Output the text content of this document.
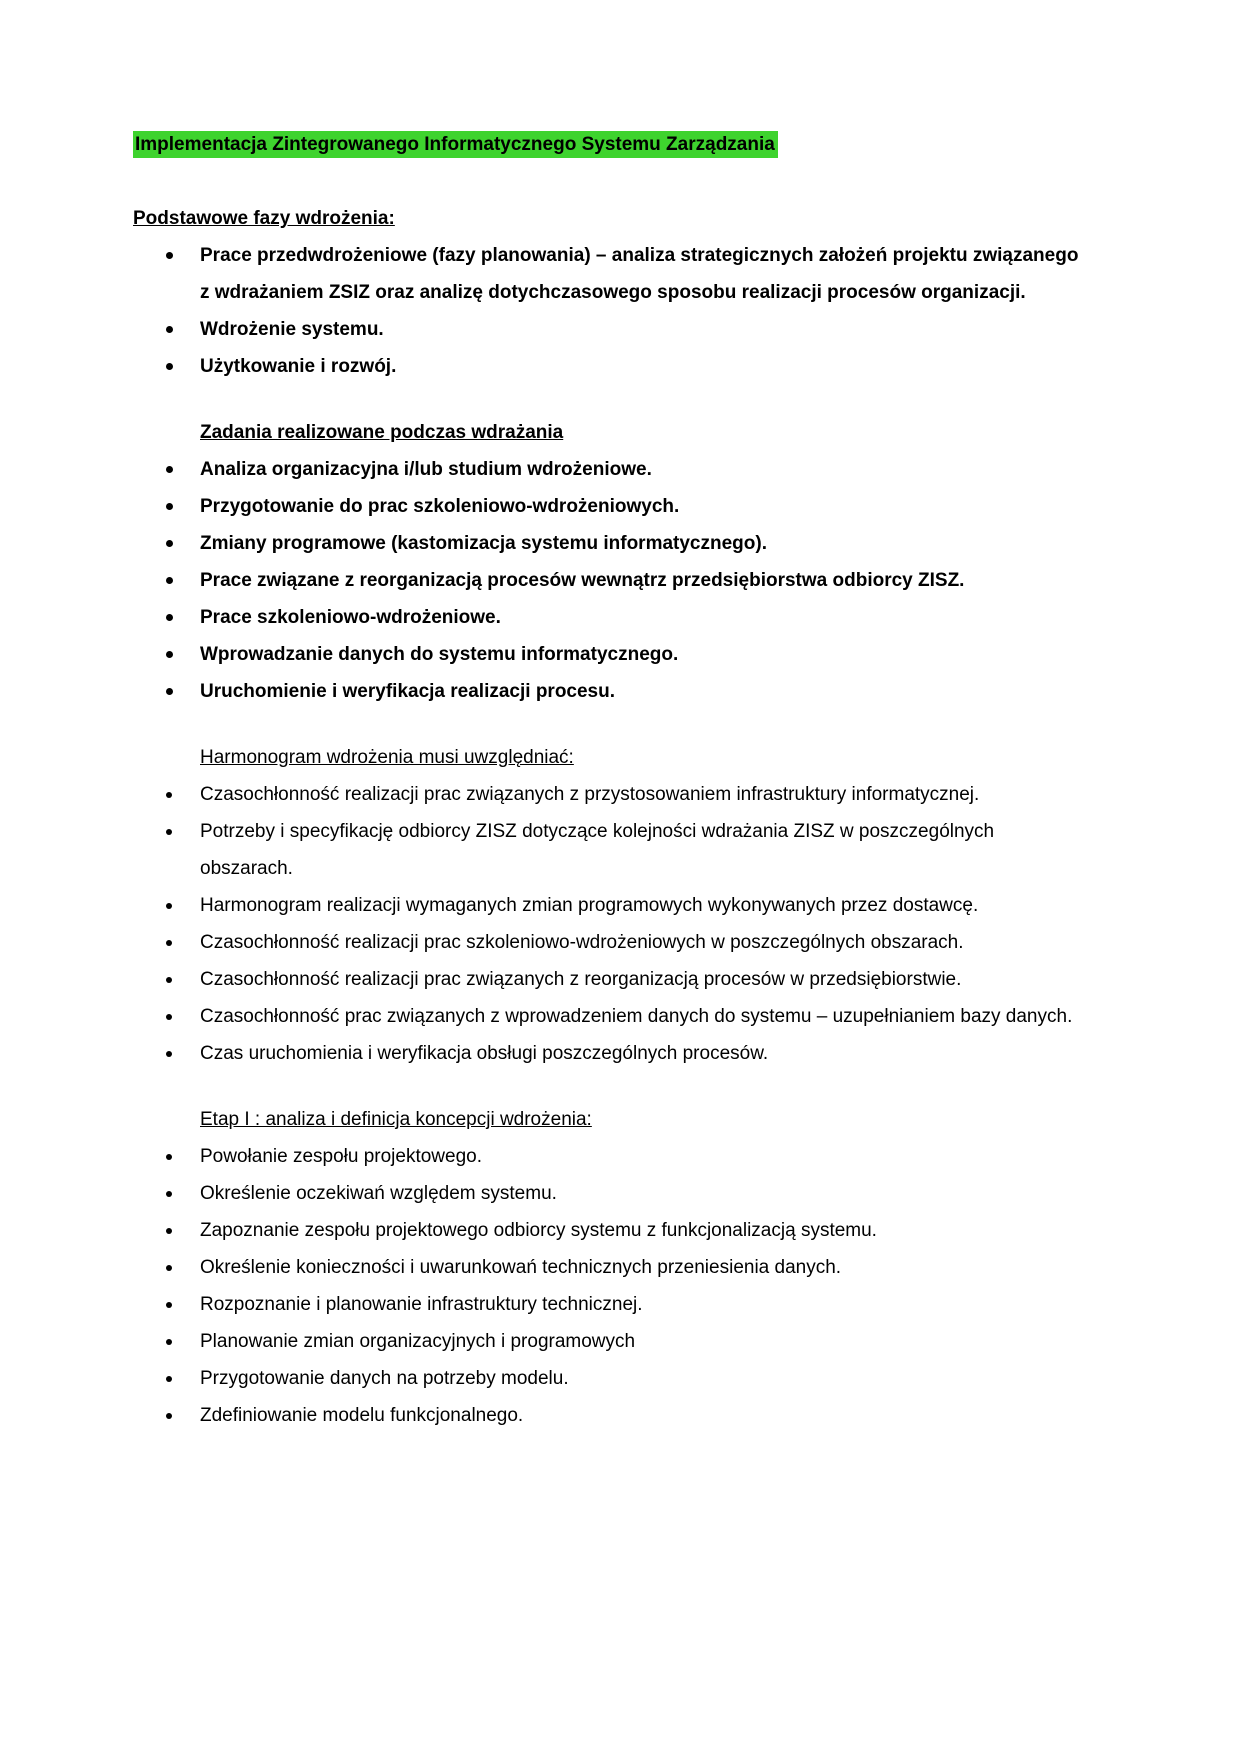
Implementacja Zintegrowanego Informatycznego Systemu Zarządzania
Podstawowe fazy wdrożenia:
Prace przedwdrożeniowe (fazy planowania) – analiza strategicznych założeń projektu związanego z wdrażaniem ZSIZ oraz analizę dotychczasowego sposobu realizacji procesów organizacji.
Wdrożenie systemu.
Użytkowanie i rozwój.
Zadania realizowane podczas wdrażania
Analiza organizacyjna i/lub studium wdrożeniowe.
Przygotowanie do prac szkoleniowo-wdrożeniowych.
Zmiany programowe (kastomizacja systemu informatycznego).
Prace związane z reorganizacją procesów wewnątrz przedsiębiorstwa odbiorcy ZISZ.
Prace szkoleniowo-wdrożeniowe.
Wprowadzanie danych do systemu informatycznego.
Uruchomienie i weryfikacja realizacji procesu.
Harmonogram wdrożenia musi uwzględniać:
Czasochłonność realizacji prac związanych z przystosowaniem infrastruktury informatycznej.
Potrzeby i specyfikację odbiorcy ZISZ dotyczące kolejności wdrażania ZISZ w poszczególnych obszarach.
Harmonogram realizacji wymaganych zmian programowych wykonywanych przez dostawcę.
Czasochłonność realizacji prac szkoleniowo-wdrożeniowych w poszczególnych obszarach.
Czasochłonność realizacji prac związanych z reorganizacją procesów w przedsiębiorstwie.
Czasochłonność prac związanych z wprowadzeniem danych do systemu – uzupełnianiem bazy danych.
Czas uruchomienia i weryfikacja obsługi poszczególnych procesów.
Etap I : analiza i definicja koncepcji wdrożenia:
Powołanie zespołu projektowego.
Określenie oczekiwań względem systemu.
Zapoznanie zespołu projektowego odbiorcy systemu z funkcjonalizacją systemu.
Określenie konieczności i uwarunkowań technicznych przeniesienia danych.
Rozpoznanie i planowanie infrastruktury technicznej.
Planowanie zmian organizacyjnych i programowych
Przygotowanie danych na potrzeby modelu.
Zdefiniowanie modelu funkcjonalnego.
